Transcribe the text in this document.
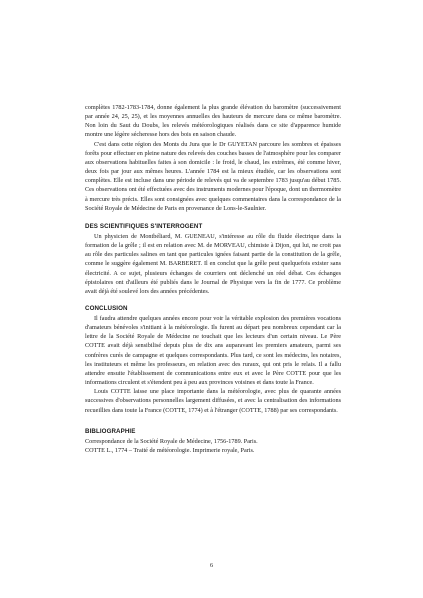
complètes 1782-1783-1784, donne également la plus grande élévation du baromètre (successivement par année 24, 25, 25), et les moyennes annuelles des hauteurs de mercure dans ce même baromètre. Non loin du Saut du Doubs, les relevés météorologiques réalisés dans ce site d'apparence humide montre une légère sécheresse hors des bois en saison chaude.

C'est dans cette région des Monts du Jura que le Dr GUYETAN parcoure les sombres et épaisses forêts pour effectuer en pleine nature des relevés des couches basses de l'atmosphère pour les comparer aux observations habituelles faites à son domicile : le froid, le chaud, les extrêmes, été comme hiver, deux fois par jour aux mêmes heures. L'année 1784 est la mieux étudiée, car les observations sont complètes. Elle est incluse dans une période de relevés qui va de septembre 1783 jusqu'au début 1785. Ces observations ont été effectuées avec des instruments modernes pour l'époque, dont un thermomètre à mercure très précis. Elles sont consignées avec quelques commentaires dans la correspondance de la Société Royale de Médecine de Paris en provenance de Lons-le-Saulnier.

DES SCIENTIFIQUES S'INTERROGENT

Un physicien de Montbéliard, M. GUENEAU, s'intéresse au rôle du fluide électrique dans la formation de la grêle ; il est en relation avec M. de MORVEAU, chimiste à Dijon, qui lui, ne croit pas au rôle des particules salines en tant que particules ignées faisant partie de la constitution de la grêle, comme le suggère également M. BARBERET. Il en conclut que la grêle peut quelquefois exister sans électricité. A ce sujet, plusieurs échanges de courriers ont déclenché un réel débat. Ces échanges épistolaires ont d'ailleurs été publiés dans le Journal de Physique vers la fin de 1777. Ce problème avait déjà été soulevé lors des années précédentes.

CONCLUSION

Il faudra attendre quelques années encore pour voir la véritable explosion des premières vocations d'amateurs bénévoles s'initiant à la météorologie. Ils furent au départ peu nombreux cependant car la lettre de la Société Royale de Médecine ne touchait que les lecteurs d'un certain niveau. Le Père COTTE avait déjà sensibilisé depuis plus de dix ans auparavant les premiers amateurs, parmi ses confrères curés de campagne et quelques correspondants. Plus tard, ce sont les médecins, les notaires, les instituteurs et même les professeurs, en relation avec des ruraux, qui ont pris le relais. Il a fallu attendre ensuite l'établissement de communications entre eux et avec le Père COTTE pour que les informations circulent et s'étendent peu à peu aux provinces voisines et dans toute la France.

Louis COTTE laisse une place importante dans la météorologie, avec plus de quarante années successives d'observations personnelles largement diffusées, et avec la centralisation des informations recueillies dans toute la France (COTTE, 1774) et à l'étranger (COTTE, 1788) par ses correspondants.

BIBLIOGRAPHIE

Correspondance de la Société Royale de Médecine, 1756-1789. Paris.

COTTE L., 1774 – Traité de météorologie. Imprimerie royale, Paris.

6
